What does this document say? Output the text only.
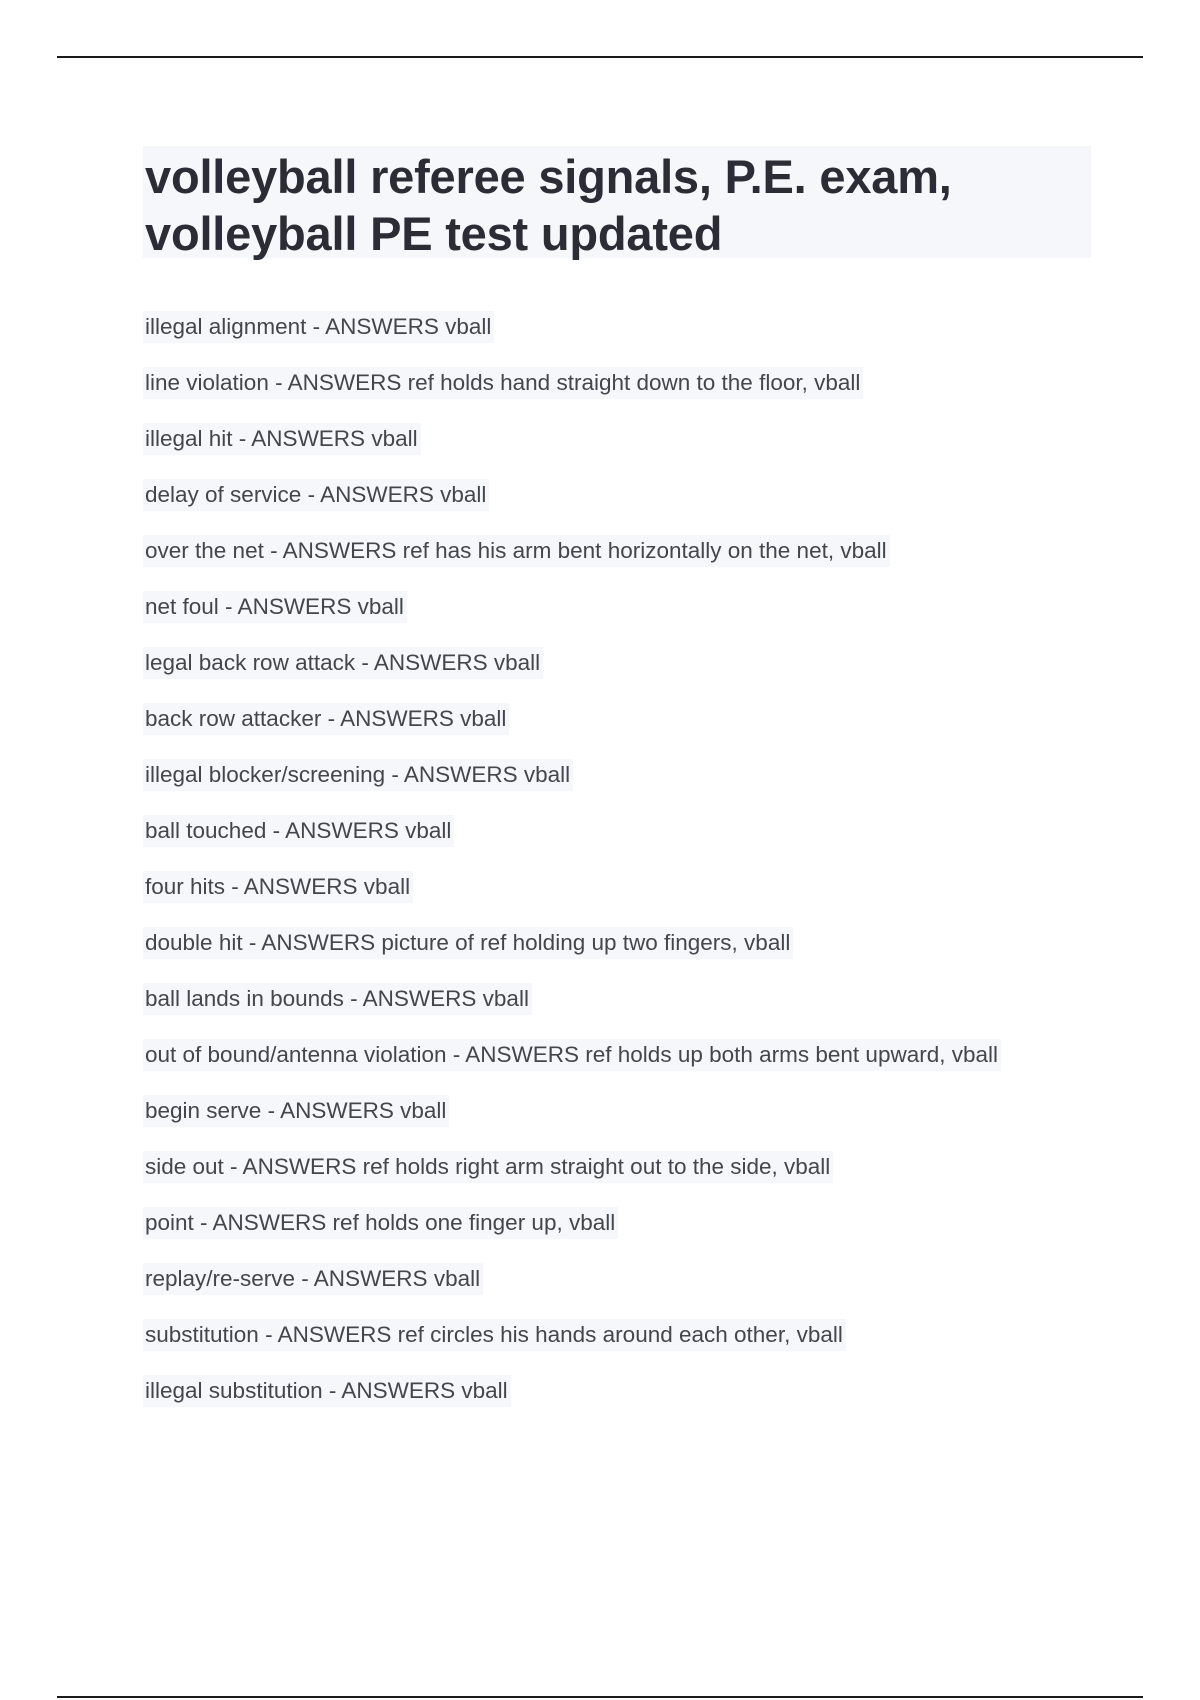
volleyball referee signals, P.E. exam, volleyball PE test updated
illegal alignment - ANSWERS vball
line violation - ANSWERS ref holds hand straight down to the floor, vball
illegal hit - ANSWERS vball
delay of service - ANSWERS vball
over the net - ANSWERS ref has his arm bent horizontally on the net, vball
net foul - ANSWERS vball
legal back row attack - ANSWERS vball
back row attacker - ANSWERS vball
illegal blocker/screening - ANSWERS vball
ball touched - ANSWERS vball
four hits - ANSWERS vball
double hit - ANSWERS picture of ref holding up two fingers, vball
ball lands in bounds - ANSWERS vball
out of bound/antenna violation - ANSWERS ref holds up both arms bent upward, vball
begin serve - ANSWERS vball
side out - ANSWERS ref holds right arm straight out to the side, vball
point - ANSWERS ref holds one finger up, vball
replay/re-serve - ANSWERS vball
substitution - ANSWERS ref circles his hands around each other, vball
illegal substitution - ANSWERS vball
